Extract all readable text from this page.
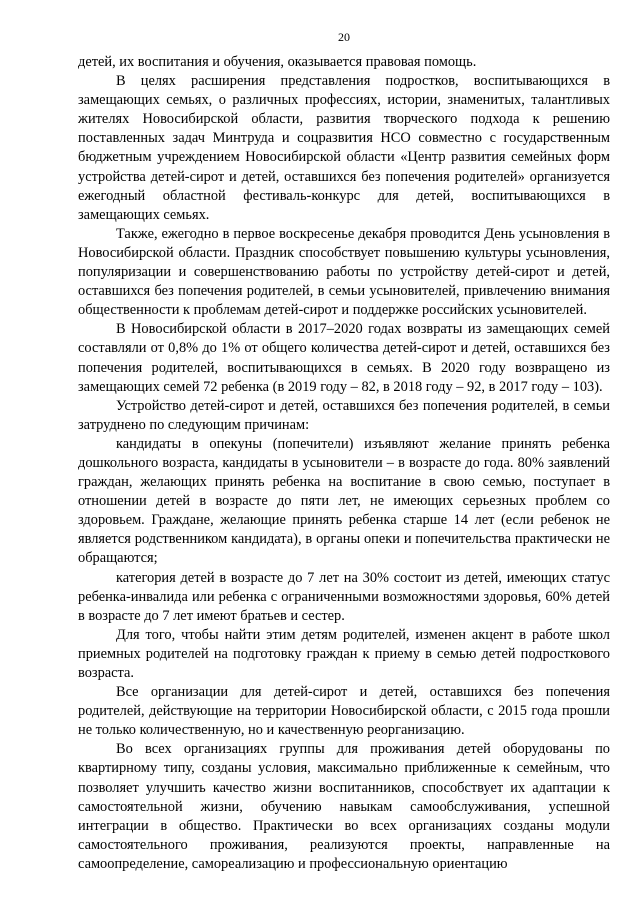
20

детей, их воспитания и обучения, оказывается правовая помощь.

В целях расширения представления подростков, воспитывающихся в замещающих семьях, о различных профессиях, истории, знаменитых, талантливых жителях Новосибирской области, развития творческого подхода к решению поставленных задач Минтруда и соцразвития НСО совместно с государственным бюджетным учреждением Новосибирской области «Центр развития семейных форм устройства детей-сирот и детей, оставшихся без попечения родителей» организуется ежегодный областной фестиваль-конкурс для детей, воспитывающихся в замещающих семьях.

Также, ежегодно в первое воскресенье декабря проводится День усыновления в Новосибирской области. Праздник способствует повышению культуры усыновления, популяризации и совершенствованию работы по устройству детей-сирот и детей, оставшихся без попечения родителей, в семьи усыновителей, привлечению внимания общественности к проблемам детей-сирот и поддержке российских усыновителей.

В Новосибирской области в 2017–2020 годах возвраты из замещающих семей составляли от 0,8% до 1% от общего количества детей-сирот и детей, оставшихся без попечения родителей, воспитывающихся в семьях. В 2020 году возвращено из замещающих семей 72 ребенка (в 2019 году – 82, в 2018 году – 92, в 2017 году – 103).

Устройство детей-сирот и детей, оставшихся без попечения родителей, в семьи затруднено по следующим причинам:

кандидаты в опекуны (попечители) изъявляют желание принять ребенка дошкольного возраста, кандидаты в усыновители – в возрасте до года. 80% заявлений граждан, желающих принять ребенка на воспитание в свою семью, поступает в отношении детей в возрасте до пяти лет, не имеющих серьезных проблем со здоровьем. Граждане, желающие принять ребенка старше 14 лет (если ребенок не является родственником кандидата), в органы опеки и попечительства практически не обращаются;

категория детей в возрасте до 7 лет на 30% состоит из детей, имеющих статус ребенка-инвалида или ребенка с ограниченными возможностями здоровья, 60% детей в возрасте до 7 лет имеют братьев и сестер.

Для того, чтобы найти этим детям родителей, изменен акцент в работе школ приемных родителей на подготовку граждан к приему в семью детей подросткового возраста.

Все организации для детей-сирот и детей, оставшихся без попечения родителей, действующие на территории Новосибирской области, с 2015 года прошли не только количественную, но и качественную реорганизацию.

Во всех организациях группы для проживания детей оборудованы по квартирному типу, созданы условия, максимально приближенные к семейным, что позволяет улучшить качество жизни воспитанников, способствует их адаптации к самостоятельной жизни, обучению навыкам самообслуживания, успешной интеграции в общество. Практически во всех организациях созданы модули самостоятельного проживания, реализуются проекты, направленные на самоопределение, самореализацию и профессиональную ориентацию
